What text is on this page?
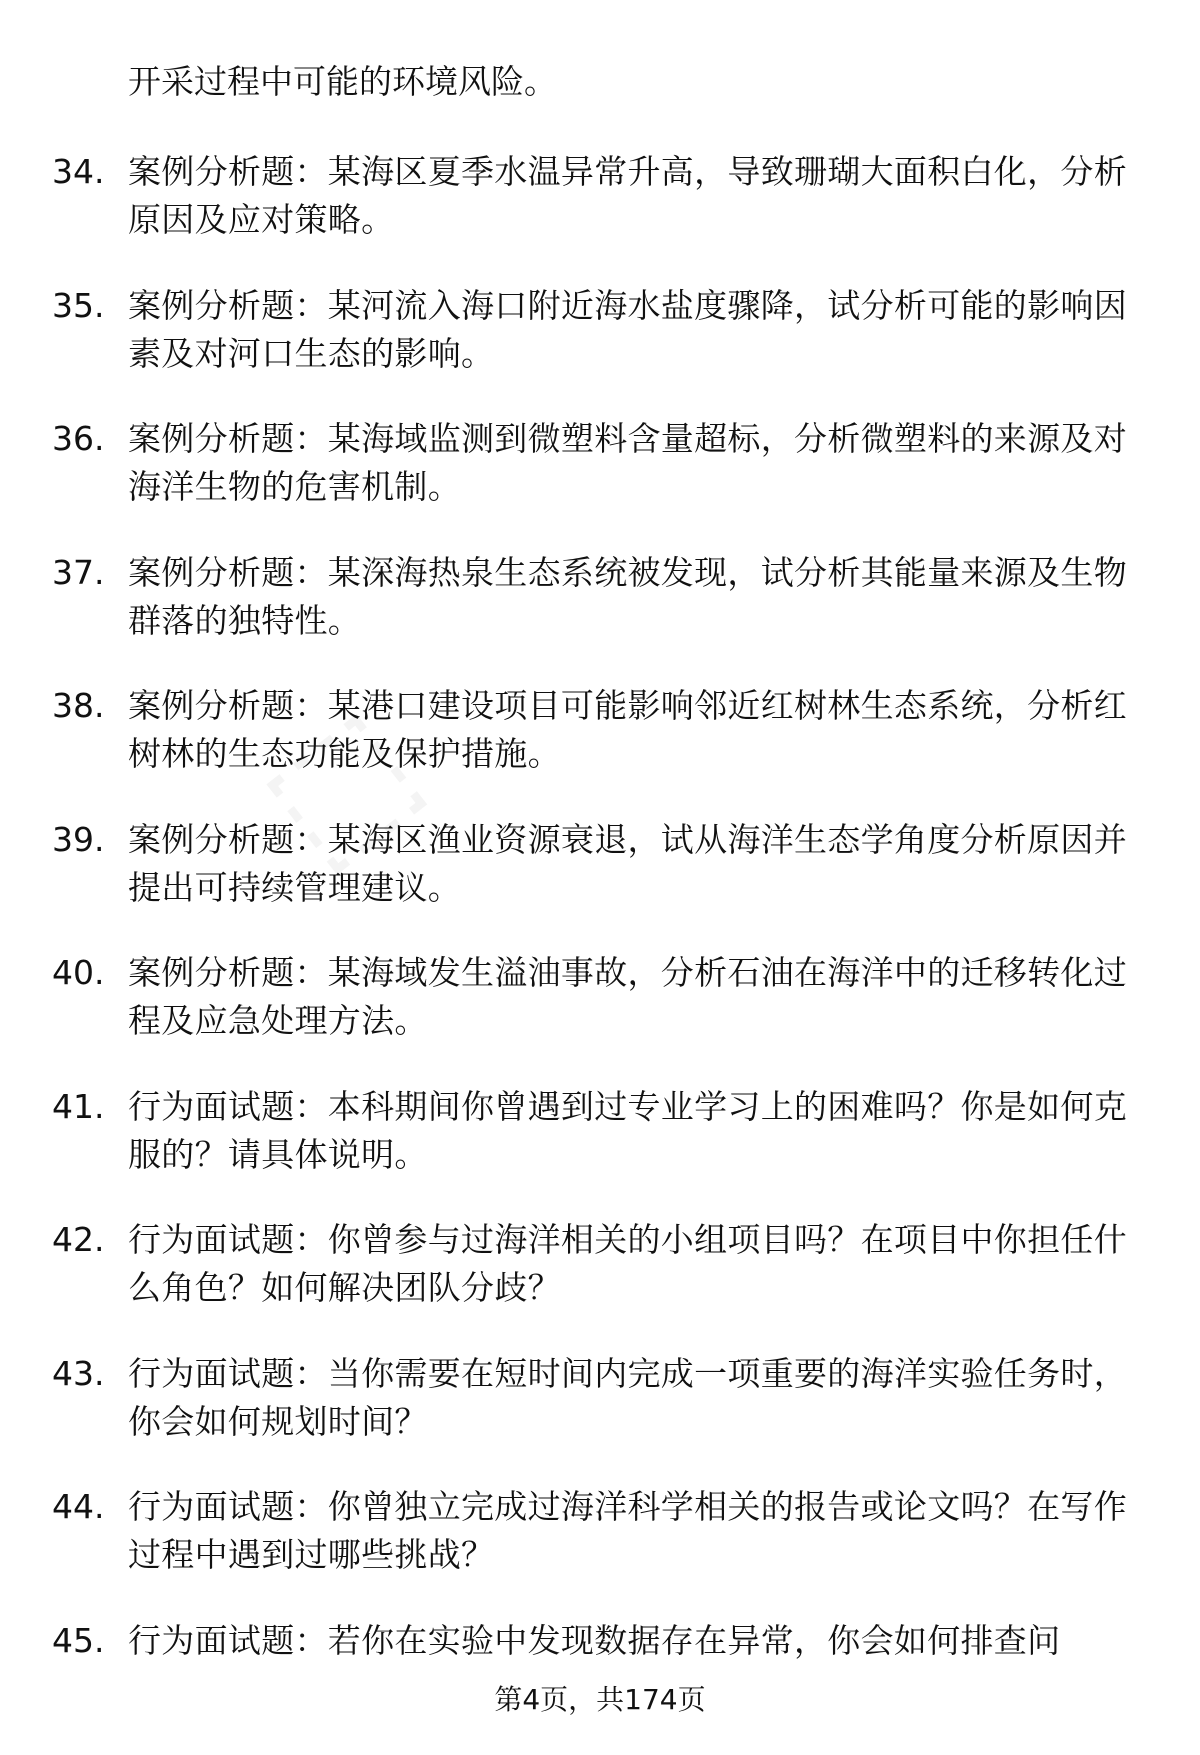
开采过程中可能的环境风险。
34. 案例分析题：某海区夏季水温异常升高，导致珊瑚大面积白化，分析原因及应对策略。
35. 案例分析题：某河流入海口附近海水盐度骤降，试分析可能的影响因素及对河口生态的影响。
36. 案例分析题：某海域监测到微塑料含量超标，分析微塑料的来源及对海洋生物的危害机制。
37. 案例分析题：某深海热泉生态系统被发现，试分析其能量来源及生物群落的独特性。
38. 案例分析题：某港口建设项目可能影响邻近红树林生态系统，分析红树林的生态功能及保护措施。
39. 案例分析题：某海区渔业资源衰退，试从海洋生态学角度分析原因并提出可持续管理建议。
40. 案例分析题：某海域发生溢油事故，分析石油在海洋中的迁移转化过程及应急处理方法。
41. 行为面试题：本科期间你曾遇到过专业学习上的困难吗？你是如何克服的？请具体说明。
42. 行为面试题：你曾参与过海洋相关的小组项目吗？在项目中你担任什么角色？如何解决团队分歧？
43. 行为面试题：当你需要在短时间内完成一项重要的海洋实验任务时，你会如何规划时间？
44. 行为面试题：你曾独立完成过海洋科学相关的报告或论文吗？在写作过程中遇到过哪些挑战？
45. 行为面试题：若你在实验中发现数据存在异常，你会如何排查问
第4页，共174页
